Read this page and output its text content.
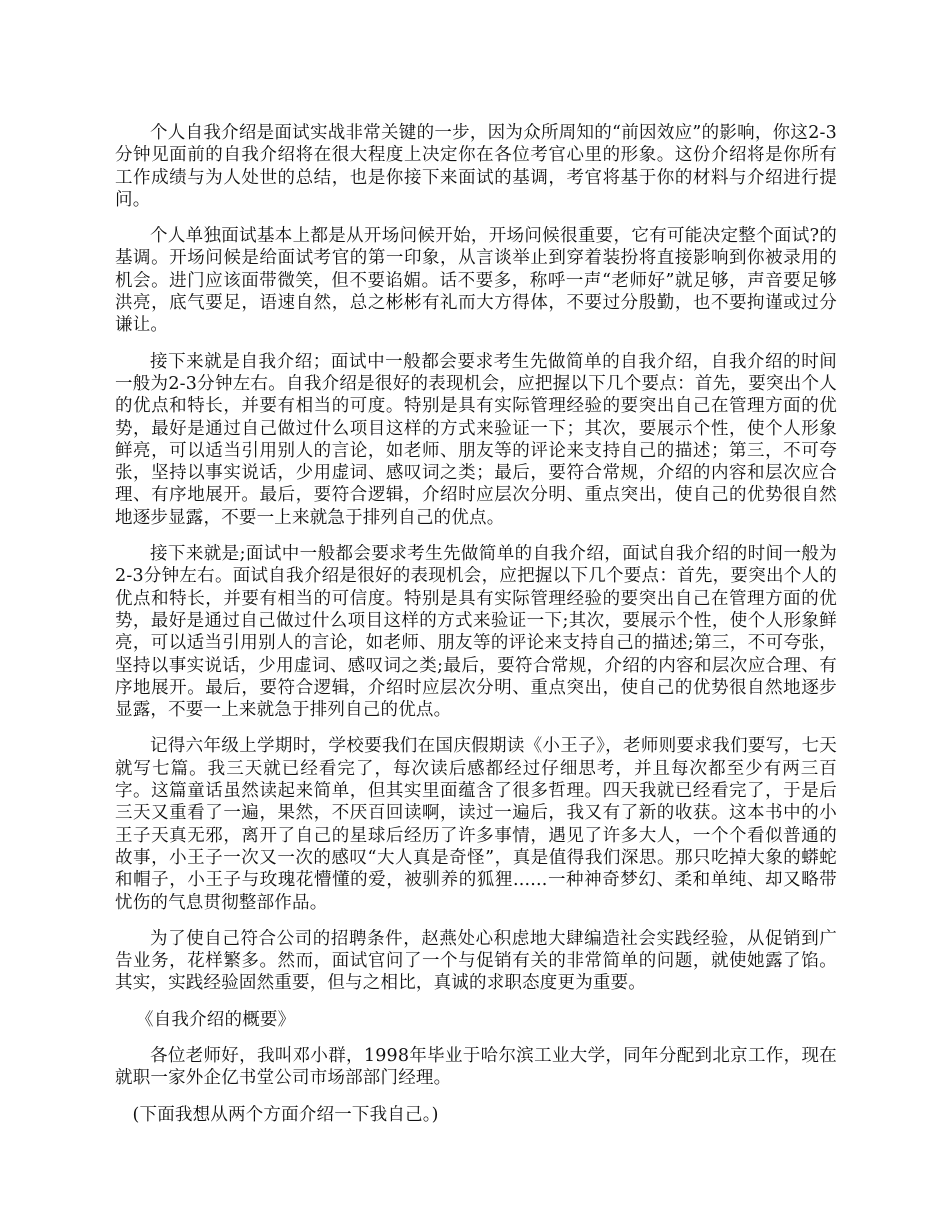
个人自我介绍是面试实战非常关键的一步，因为众所周知的“前因效应”的影响，你这2-3分钟见面前的自我介绍将在很大程度上决定你在各位考官心里的形象。这份介绍将是你所有工作成绩与为人处世的总结，也是你接下来面试的基调，考官将基于你的材料与介绍进行提问。

个人单独面试基本上都是从开场问候开始，开场问候很重要，它有可能决定整个面试?的基调。开场问候是给面试考官的第一印象，从言谈举止到穿着装扮将直接影响到你被录用的机会。进门应该面带微笑，但不要谄媚。话不要多，称呼一声“老师好”就足够，声音要足够洪亮，底气要足，语速自然，总之彬彬有礼而大方得体，不要过分殷勤，也不要拘谨或过分谦让。

接下来就是自我介绍；面试中一般都会要求考生先做简单的自我介绍，自我介绍的时间一般为2-3分钟左右。自我介绍是很好的表现机会，应把握以下几个要点：首先，要突出个人的优点和特长，并要有相当的可度。特别是具有实际管理经验的要突出自己在管理方面的优势，最好是通过自己做过什么项目这样的方式来验证一下；其次，要展示个性，使个人形象鲜亮，可以适当引用别人的言论，如老师、朋友等的评论来支持自己的描述；第三，不可夸张，坚持以事实说话，少用虚词、感叹词之类；最后，要符合常规，介绍的内容和层次应合理、有序地展开。最后，要符合逻辑，介绍时应层次分明、重点突出，使自己的优势很自然地逐步显露，不要一上来就急于排列自己的优点。

接下来就是;面试中一般都会要求考生先做简单的自我介绍，面试自我介绍的时间一般为2-3分钟左右。面试自我介绍是很好的表现机会，应把握以下几个要点：首先，要突出个人的优点和特长，并要有相当的可信度。特别是具有实际管理经验的要突出自己在管理方面的优势，最好是通过自己做过什么项目这样的方式来验证一下;其次，要展示个性，使个人形象鲜亮，可以适当引用别人的言论，如老师、朋友等的评论来支持自己的描述;第三，不可夸张，坚持以事实说话，少用虚词、感叹词之类;最后，要符合常规，介绍的内容和层次应合理、有序地展开。最后，要符合逻辑，介绍时应层次分明、重点突出，使自己的优势很自然地逐步显露，不要一上来就急于排列自己的优点。

记得六年级上学期时，学校要我们在国庆假期读《小王子》，老师则要求我们要写，七天就写七篇。我三天就已经看完了，每次读后感都经过仔细思考，并且每次都至少有两三百字。这篇童话虽然读起来简单，但其实里面蕴含了很多哲理。四天我就已经看完了，于是后三天又重看了一遍，果然，不厌百回读啊，读过一遍后，我又有了新的收获。这本书中的小王子天真无邪，离开了自己的星球后经历了许多事情，遇见了许多大人，一个个看似普通的故事，小王子一次又一次的感叹“大人真是奇怪”，真是值得我们深思。那只吃掉大象的蟒蛇和帽子，小王子与玫瑰花懵懂的爱，被驯养的狐狸......一种神奇梦幻、柔和单纯、却又略带忧伤的气息贯彻整部作品。

为了使自己符合公司的招聘条件，赵燕处心积虑地大肆编造社会实践经验，从促销到广告业务，花样繁多。然而，面试官问了一个与促销有关的非常简单的问题，就使她露了馅。其实，实践经验固然重要，但与之相比，真诚的求职态度更为重要。

《自我介绍的概要》

各位老师好，我叫邓小群，1998年毕业于哈尔滨工业大学，同年分配到北京工作，现在就职一家外企亿书堂公司市场部部门经理。

(下面我想从两个方面介绍一下我自己。)
